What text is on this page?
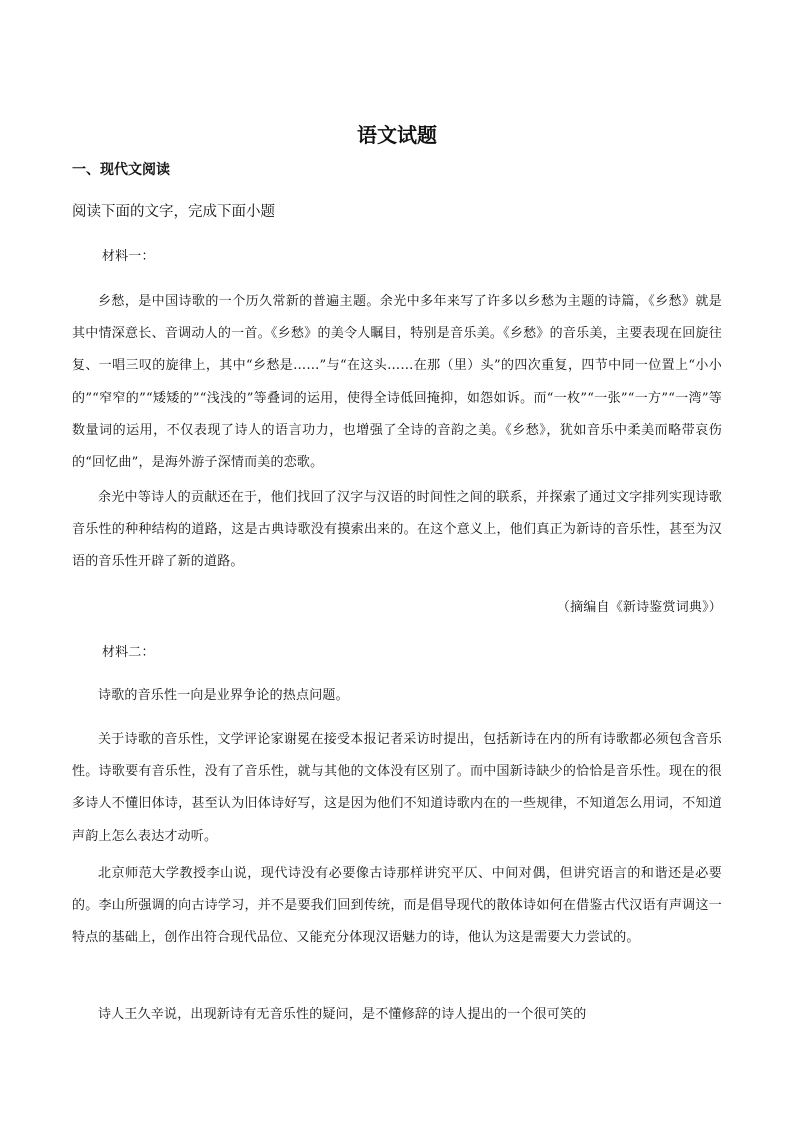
语文试题
一、现代文阅读
阅读下面的文字，完成下面小题

材料一：

乡愁，是中国诗歌的一个历久常新的普遍主题。余光中多年来写了许多以乡愁为主题的诗篇，《乡愁》就是其中情深意长、音调动人的一首。《乡愁》的美令人瞩目，特别是音乐美。《乡愁》的音乐美，主要表现在回旋往复、一唱三叹的旋律上，其中“乡愁是……”与“在这头……在那（里）头”的四次重复，四节中同一位置上“小小的”“窄窄的”“矮矮的”“浅浅的”等叠词的运用，使得全诗低回掩抑，如怨如诉。而“一枚”“一张”“一方”“一湾”等数量词的运用，不仅表现了诗人的语言功力，也增强了全诗的音韵之美。《乡愁》，犹如音乐中柔美而略带哀伤的“回忆曲”，是海外游子深情而美的恋歌。

余光中等诗人的贡献还在于，他们找回了汉字与汉语的时间性之间的联系，并探索了通过文字排列实现诗歌音乐性的种种结构的道路，这是古典诗歌没有摸索出来的。在这个意义上，他们真正为新诗的音乐性，甚至为汉语的音乐性开辟了新的道路。

（摘编自《新诗鉴赏词典》）

材料二：

诗歌的音乐性一向是业界争论的热点问题。

关于诗歌的音乐性，文学评论家谢冕在接受本报记者采访时提出，包括新诗在内的所有诗歌都必须包含音乐性。诗歌要有音乐性，没有了音乐性，就与其他的文体没有区别了。而中国新诗缺少的恰恰是音乐性。现在的很多诗人不懂旧体诗，甚至认为旧体诗好写，这是因为他们不知道诗歌内在的一些规律，不知道怎么用词，不知道声韵上怎么表达才动听。

北京师范大学教授李山说，现代诗没有必要像古诗那样讲究平仄、中间对偶，但讲究语言的和谐还是必要的。李山所强调的向古诗学习，并不是要我们回到传统，而是倡导现代的散体诗如何在借鉴古代汉语有声调这一特点的基础上，创作出符合现代品位、又能充分体现汉语魅力的诗，他认为这是需要大力尝试的。

诗人王久辛说，出现新诗有无音乐性的疑问，是不懂修辞的诗人提出的一个很可笑的
